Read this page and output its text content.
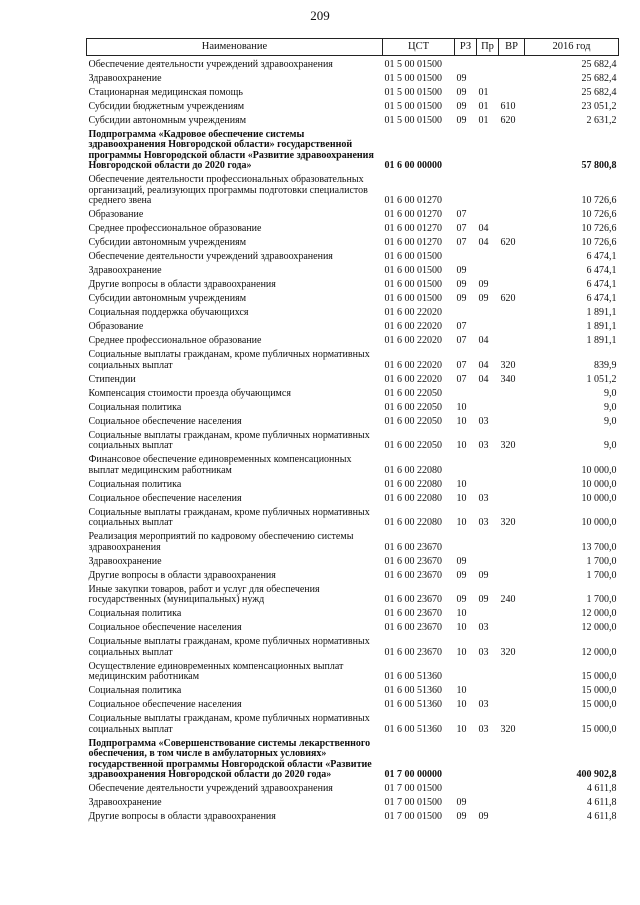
209
Наименование	ЦСТ	РЗ	Пр	ВР	2016 год
Обеспечение деятельности учреждений здравоохранения	01 5 00 01500				25 682,4
Здравоохранение	01 5 00 01500	09			25 682,4
Стационарная медицинская помощь	01 5 00 01500	09	01		25 682,4
Субсидии бюджетным учреждениям	01 5 00 01500	09	01	610	23 051,2
Субсидии автономным учреждениям	01 5 00 01500	09	01	620	2 631,2
Подпрограмма «Кадровое обеспечение системы здравоохранения Новгородской области» государственной программы Новгородской области «Развитие здравоохранения Новгородской области до 2020 года»	01 6 00 00000				57 800,8
Обеспечение деятельности профессиональных образовательных организаций, реализующих программы подготовки специалистов среднего звена	01 6 00 01270				10 726,6
Образование	01 6 00 01270	07			10 726,6
Среднее профессиональное образование	01 6 00 01270	07	04		10 726,6
Субсидии автономным учреждениям	01 6 00 01270	07	04	620	10 726,6
Обеспечение деятельности учреждений здравоохранения	01 6 00 01500				6 474,1
Здравоохранение	01 6 00 01500	09			6 474,1
Другие вопросы в области здравоохранения	01 6 00 01500	09	09		6 474,1
Субсидии автономным учреждениям	01 6 00 01500	09	09	620	6 474,1
Социальная поддержка обучающихся	01 6 00 22020				1 891,1
Образование	01 6 00 22020	07			1 891,1
Среднее профессиональное образование	01 6 00 22020	07	04		1 891,1
Социальные выплаты гражданам, кроме публичных нормативных социальных выплат	01 6 00 22020	07	04	320	839,9
Стипендии	01 6 00 22020	07	04	340	1 051,2
Компенсация стоимости проезда обучающимся	01 6 00 22050				9,0
Социальная политика	01 6 00 22050	10			9,0
Социальное обеспечение населения	01 6 00 22050	10	03		9,0
Социальные выплаты гражданам, кроме публичных нормативных социальных выплат	01 6 00 22050	10	03	320	9,0
Финансовое обеспечение единовременных компенсационных выплат медицинским работникам	01 6 00 22080				10 000,0
Социальная политика	01 6 00 22080	10			10 000,0
Социальное обеспечение населения	01 6 00 22080	10	03		10 000,0
Социальные выплаты гражданам, кроме публичных нормативных социальных выплат	01 6 00 22080	10	03	320	10 000,0
Реализация мероприятий по кадровому обеспечению системы здравоохранения	01 6 00 23670				13 700,0
Здравоохранение	01 6 00 23670	09			1 700,0
Другие вопросы в области здравоохранения	01 6 00 23670	09	09		1 700,0
Иные закупки товаров, работ и услуг для обеспечения государственных (муниципальных) нужд	01 6 00 23670	09	09	240	1 700,0
Социальная политика	01 6 00 23670	10			12 000,0
Социальное обеспечение населения	01 6 00 23670	10	03		12 000,0
Социальные выплаты гражданам, кроме публичных нормативных социальных выплат	01 6 00 23670	10	03	320	12 000,0
Осуществление единовременных компенсационных выплат медицинским работникам	01 6 00 51360				15 000,0
Социальная политика	01 6 00 51360	10			15 000,0
Социальное обеспечение населения	01 6 00 51360	10	03		15 000,0
Социальные выплаты гражданам, кроме публичных нормативных социальных выплат	01 6 00 51360	10	03	320	15 000,0
Подпрограмма «Совершенствование системы лекарственного обеспечения, в том числе в амбулаторных условиях» государственной программы Новгородской области «Развитие здравоохранения Новгородской области до 2020 года»	01 7 00 00000				400 902,8
Обеспечение деятельности учреждений здравоохранения	01 7 00 01500				4 611,8
Здравоохранение	01 7 00 01500	09			4 611,8
Другие вопросы в области здравоохранения	01 7 00 01500	09	09		4 611,8
